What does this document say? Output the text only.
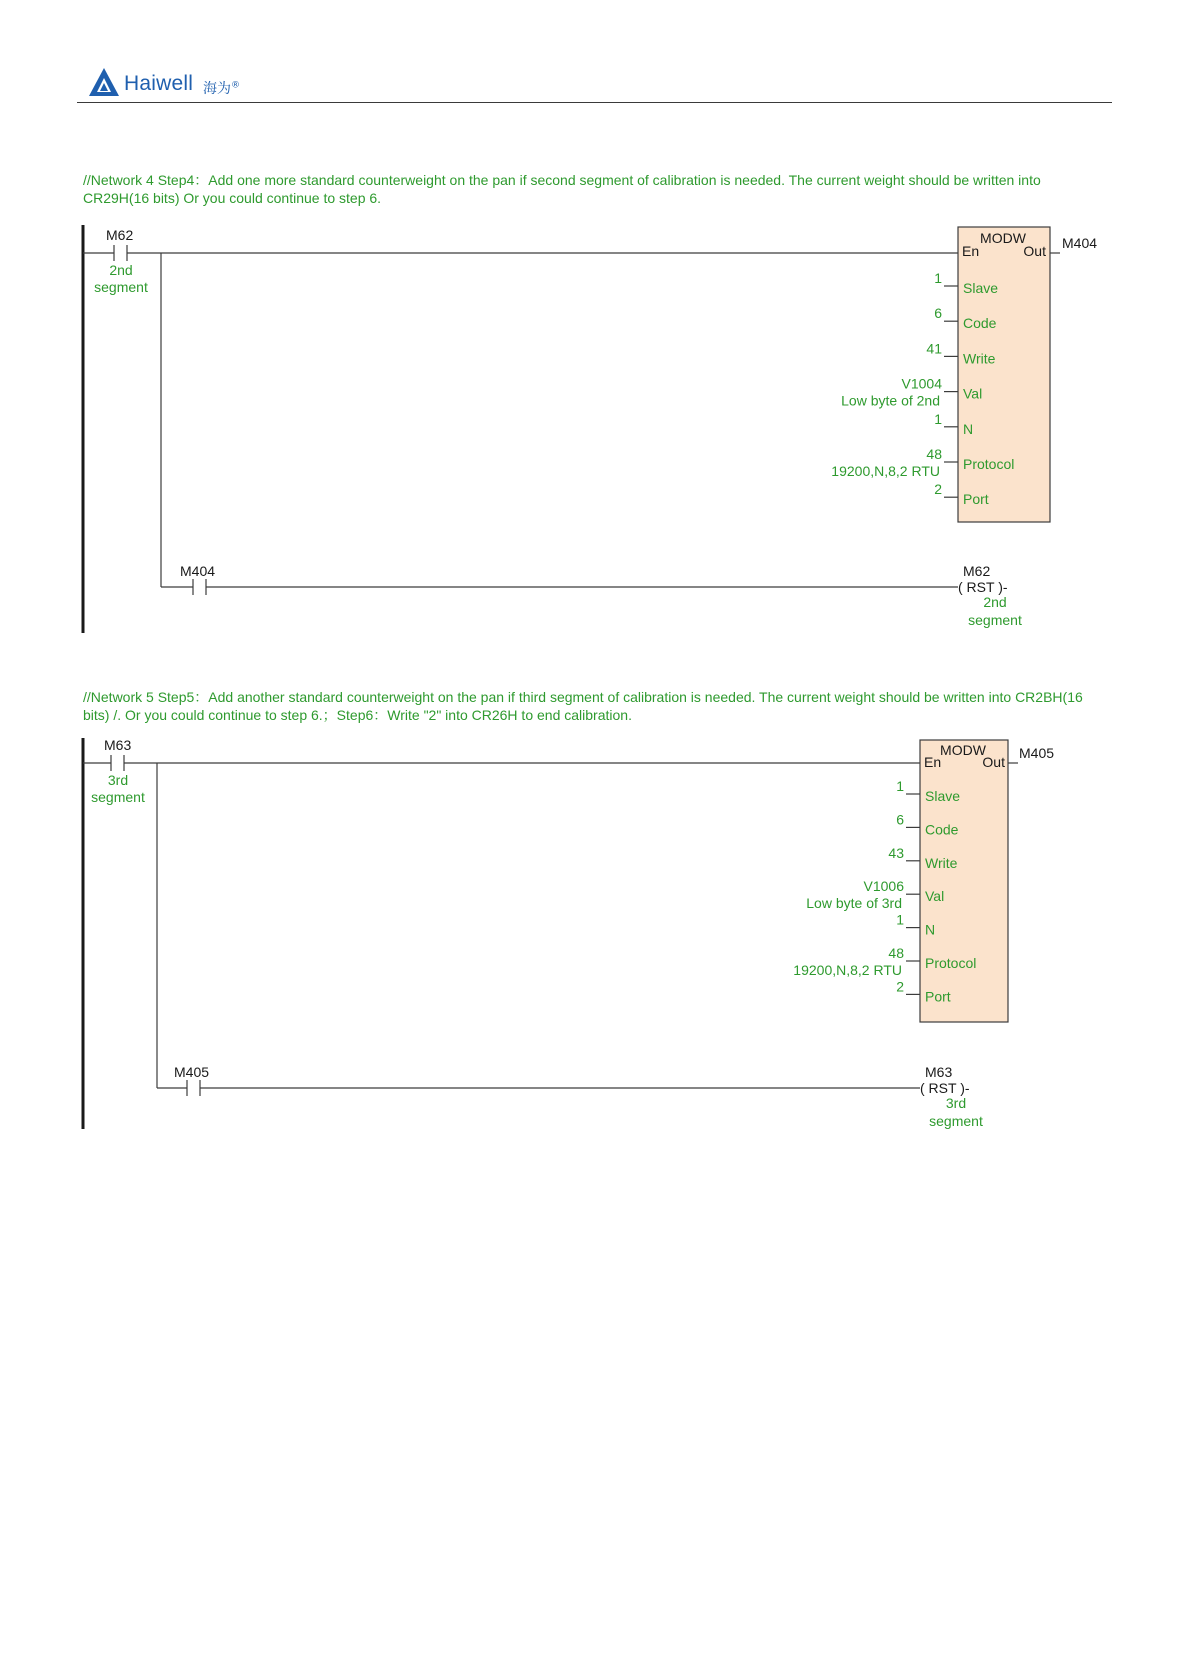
Haiwell 海为®
//Network 4 Step4：Add one more standard counterweight on the pan if second segment of calibration is needed. The current weight should be written into
CR29H(16 bits) Or you could continue to step 6.
M62
2nd
segment
MODW
En	Out M404
Slave
1
Code
6
Write
41
Val
V1004
Low byte of 2nd
N
1
Protocol
48
19200,N,8,2 RTU
Port
2
M404	M62
( RST )-
2nd
segment
//Network 5 Step5：Add another standard counterweight on the pan if third segment of calibration is needed. The current weight should be written into CR2BH(16
bits) /. Or you could continue to step 6.；Step6：Write "2" into CR26H to end calibration.
M63
3rd
segment
MODW
En	Out
M405
Slave
1
Code
6
Write
43
Val
V1006
Low byte of 3rd
N
1
Protocol
48
19200,N,8,2 RTU
Port
2
M405	M63
( RST )-
3rd
segment
